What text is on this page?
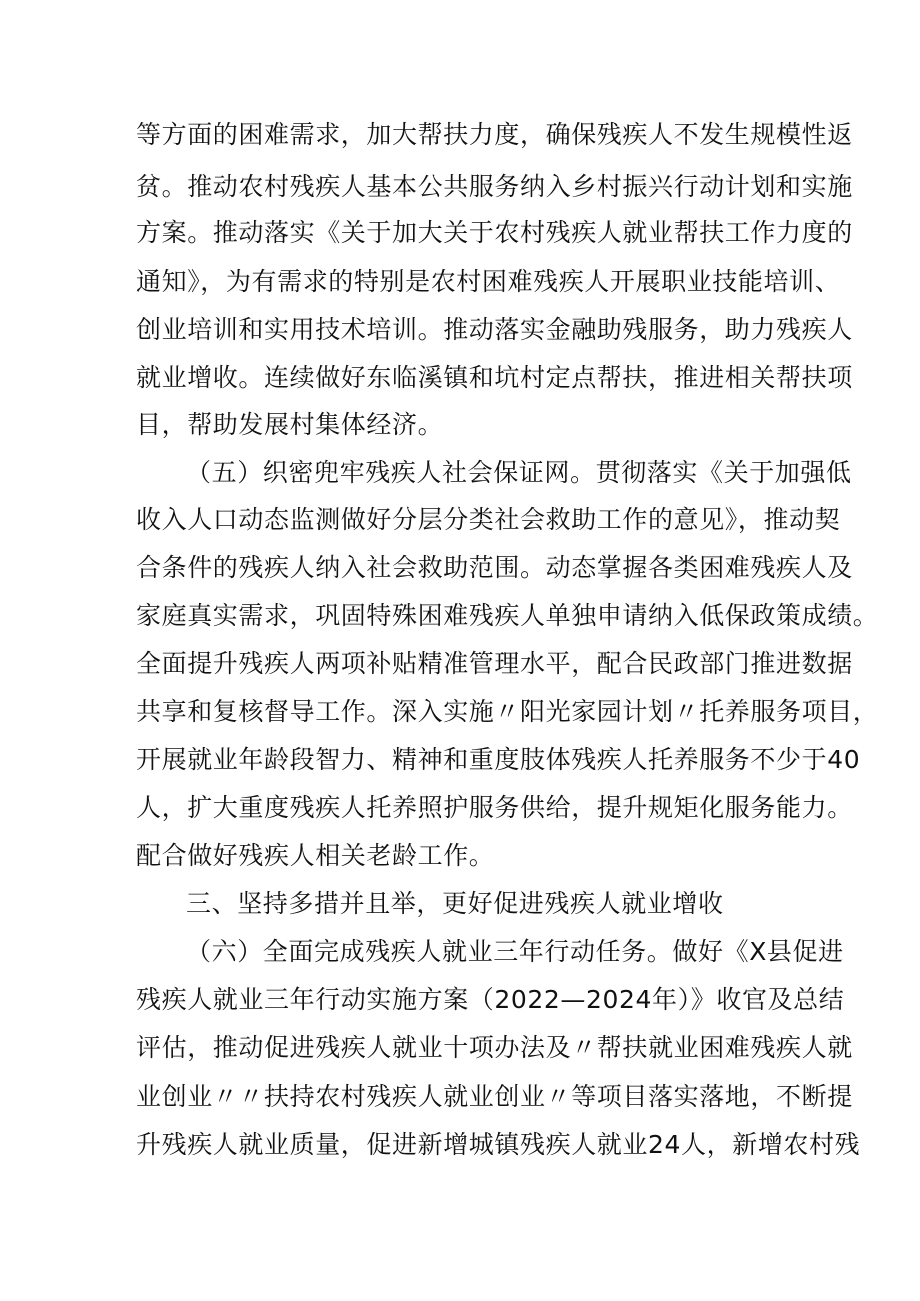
等方面的困难需求，加大帮扶力度，确保残疾人不发生规模性返
贫。推动农村残疾人基本公共服务纳入乡村振兴行动计划和实施
方案。推动落实《关于加大关于农村残疾人就业帮扶工作力度的
通知》，为有需求的特别是农村困难残疾人开展职业技能培训、
创业培训和实用技术培训。推动落实金融助残服务，助力残疾人
就业增收。连续做好东临溪镇和坑村定点帮扶，推进相关帮扶项
目，帮助发展村集体经济。
（五）织密兜牢残疾人社会保证网。贯彻落实《关于加强低
收入人口动态监测做好分层分类社会救助工作的意见》，推动契
合条件的残疾人纳入社会救助范围。动态掌握各类困难残疾人及
家庭真实需求，巩固特殊困难残疾人单独申请纳入低保政策成绩。
全面提升残疾人两项补贴精准管理水平，配合民政部门推进数据
共享和复核督导工作。深入实施〃阳光家园计划〃托养服务项目，
开展就业年龄段智力、精神和重度肢体残疾人托养服务不少于40
人，扩大重度残疾人托养照护服务供给，提升规矩化服务能力。
配合做好残疾人相关老龄工作。
三、坚持多措并且举，更好促进残疾人就业增收
（六）全面完成残疾人就业三年行动任务。做好《X县促进
残疾人就业三年行动实施方案（2022—2024年）》收官及总结
评估，推动促进残疾人就业十项办法及〃帮扶就业困难残疾人就
业创业〃〃扶持农村残疾人就业创业〃等项目落实落地，不断提
升残疾人就业质量，促进新增城镇残疾人就业24人，新增农村残
